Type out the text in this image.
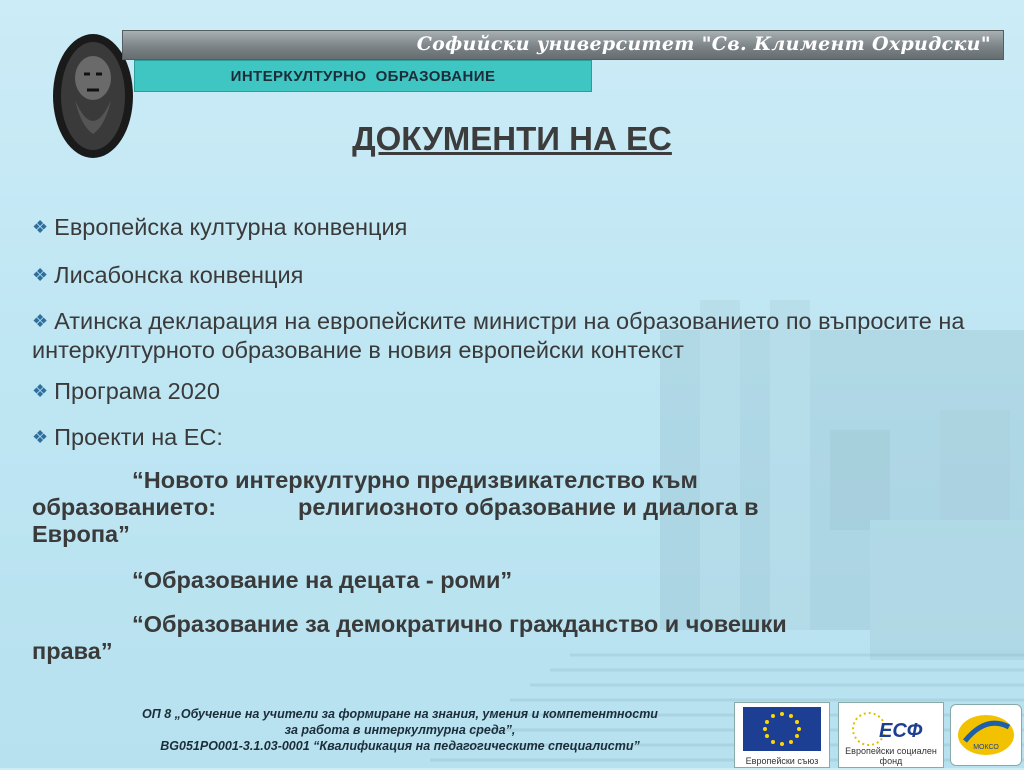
Софийски университет "Св. Климент Охридски"
ИНТЕРКУЛТУРНО  ОБРАЗОВАНИЕ
ДОКУМЕНТИ НА ЕС
❖ Европейска културна конвенция
❖ Лисабонска конвенция
❖ Атинска декларация на европейските министри на образованието по въпросите на интеркултурното образование в новия европейски контекст
❖ Програма 2020
❖ Проекти на ЕС:
“Новото интеркултурно предизвикателство към
образованието:	религиозното образование и диалога в
Европа”
“Образование на децата - роми”
“Образование за демократично гражданство и човешки
права”
ОП 8 „Обучение на учители за формиране на знания, умения и компетентности
за работа в интеркултурна среда”,
BG051PO001-3.1.03-0001 “Квалификация на педагогическите специалисти”
Европейски съюз
ЕСФ
Европейски социален фонд
МОКСО
